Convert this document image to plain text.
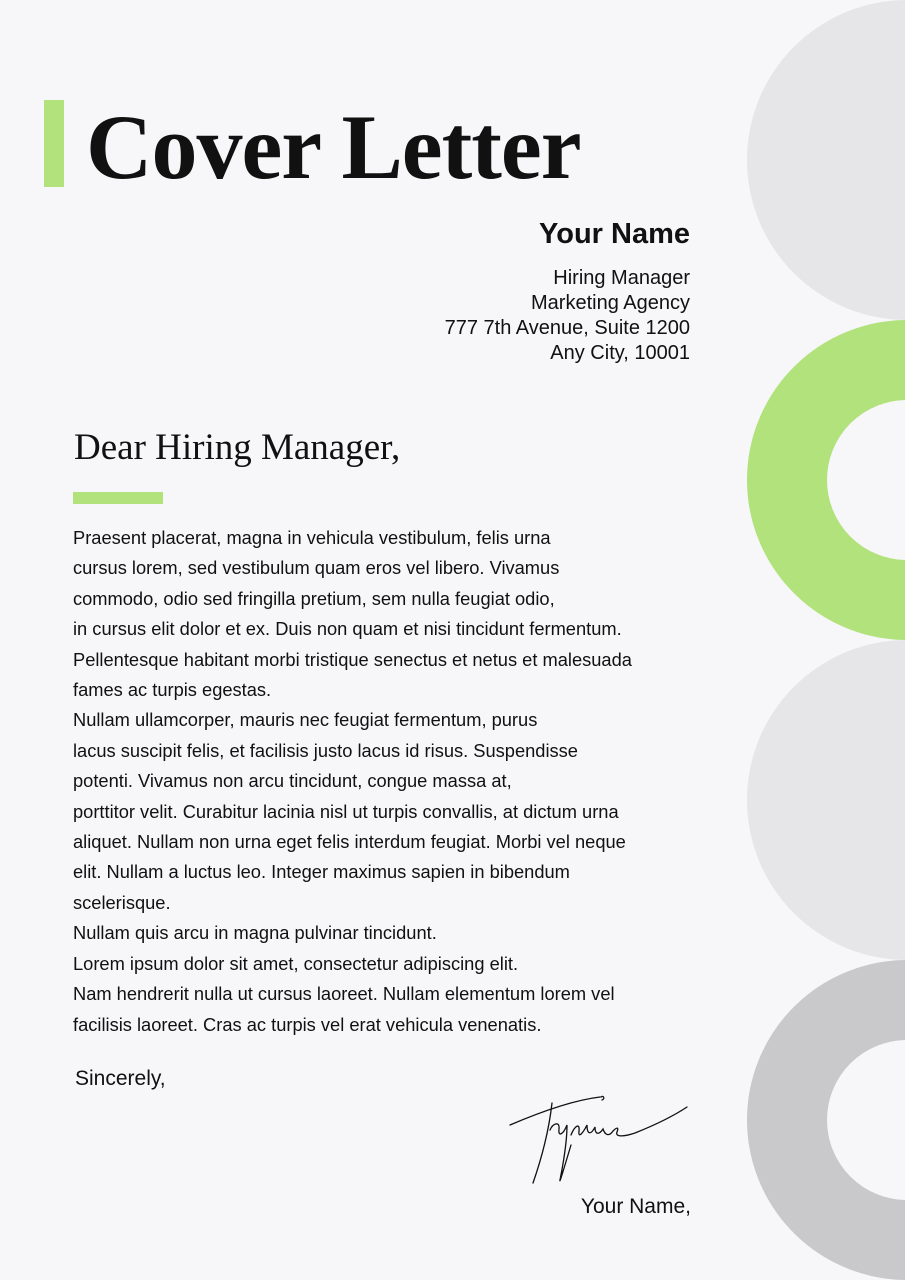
Cover Letter
Your Name
Hiring Manager
Marketing Agency
777 7th Avenue, Suite 1200
Any City, 10001
Dear Hiring Manager,
Praesent placerat, magna in vehicula vestibulum, felis urna
cursus lorem, sed vestibulum quam eros vel libero. Vivamus
commodo, odio sed fringilla pretium, sem nulla feugiat odio,
in cursus elit dolor et ex. Duis non quam et nisi tincidunt fermentum.
Pellentesque habitant morbi tristique senectus et netus et malesuada
fames ac turpis egestas.
Nullam ullamcorper, mauris nec feugiat fermentum, purus
lacus suscipit felis, et facilisis justo lacus id risus. Suspendisse
potenti. Vivamus non arcu tincidunt, congue massa at,
porttitor velit. Curabitur lacinia nisl ut turpis convallis, at dictum urna
aliquet. Nullam non urna eget felis interdum feugiat. Morbi vel neque
elit. Nullam a luctus leo. Integer maximus sapien in bibendum
scelerisque.
Nullam quis arcu in magna pulvinar tincidunt.
Lorem ipsum dolor sit amet, consectetur adipiscing elit.
Nam hendrerit nulla ut cursus laoreet. Nullam elementum lorem vel
facilisis laoreet. Cras ac turpis vel erat vehicula venenatis.
Sincerely,
Your Name,
